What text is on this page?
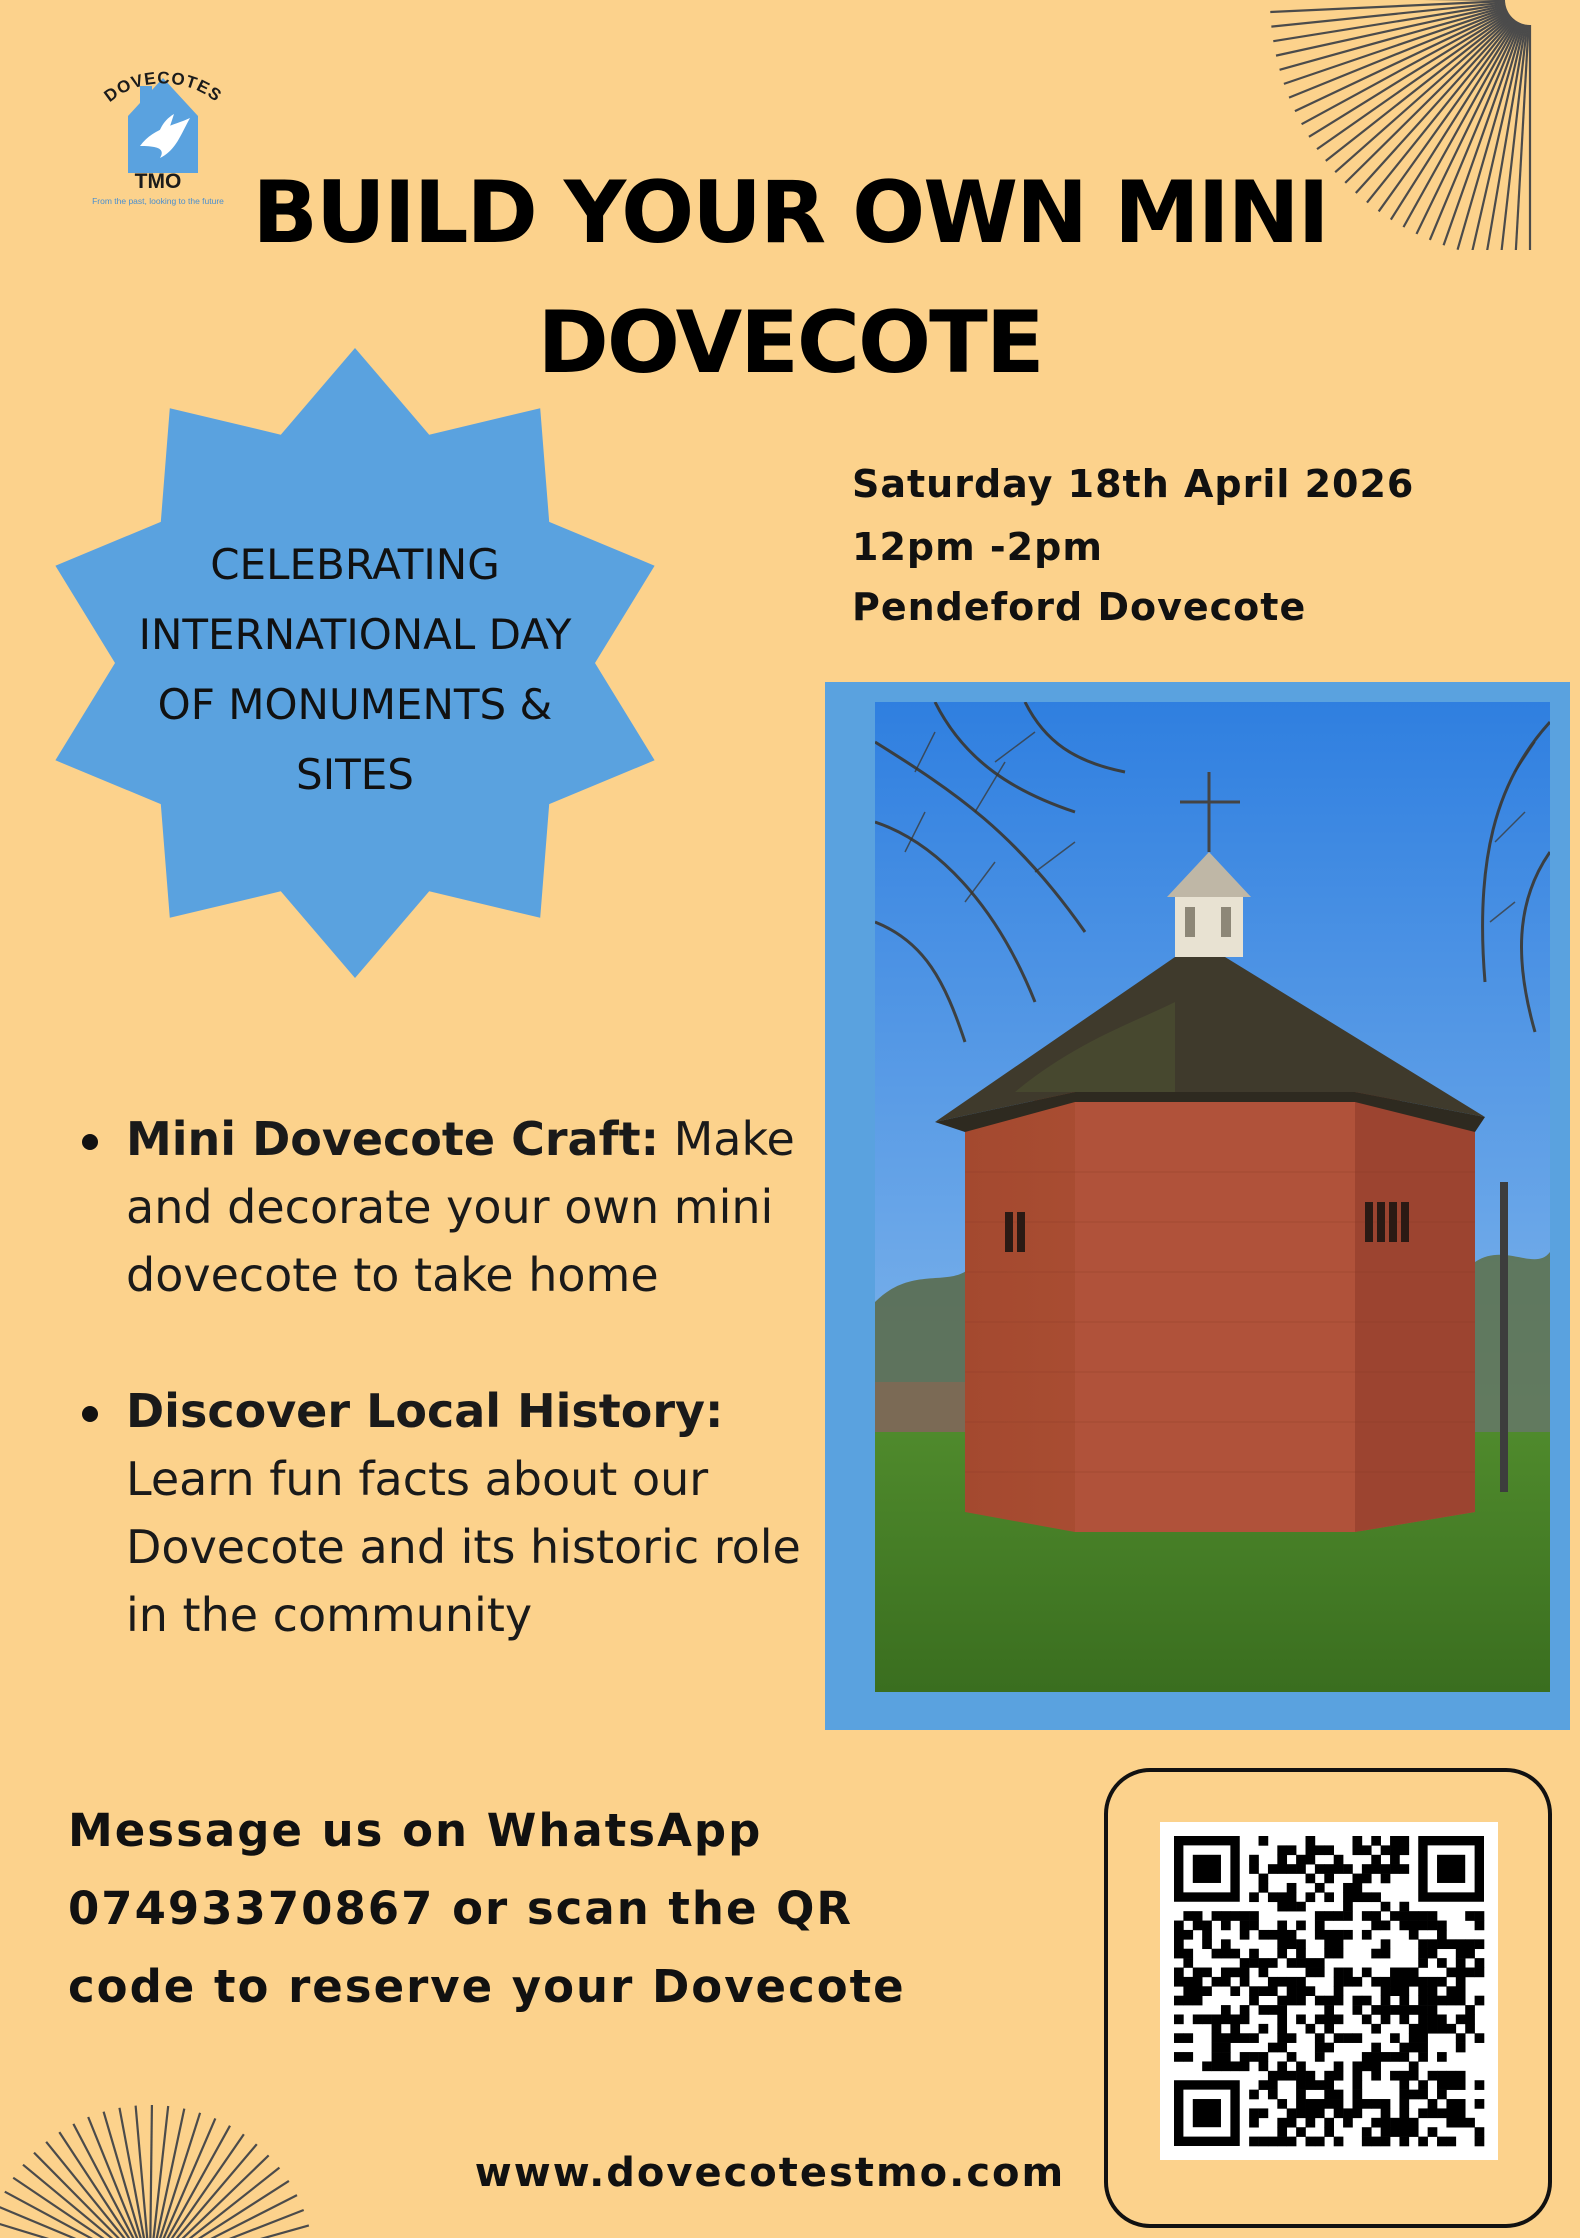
DOVECOTES
TMO
From the past, looking to the future BUILD YOUR OWN MINI
DOVECOTE
CELEBRATING
INTERNATIONAL DAY
OF MONUMENTS &
SITES
Saturday 18th April 2026
12pm -2pm
Pendeford Dovecote
Mini Dovecote Craft: Make and decorate your own mini dovecote to take home
Discover Local History: Learn fun facts about our Dovecote and its historic role in the community
Message us on WhatsApp
07493370867 or scan the QR
code to reserve your Dovecote
www.dovecotestmo.com
